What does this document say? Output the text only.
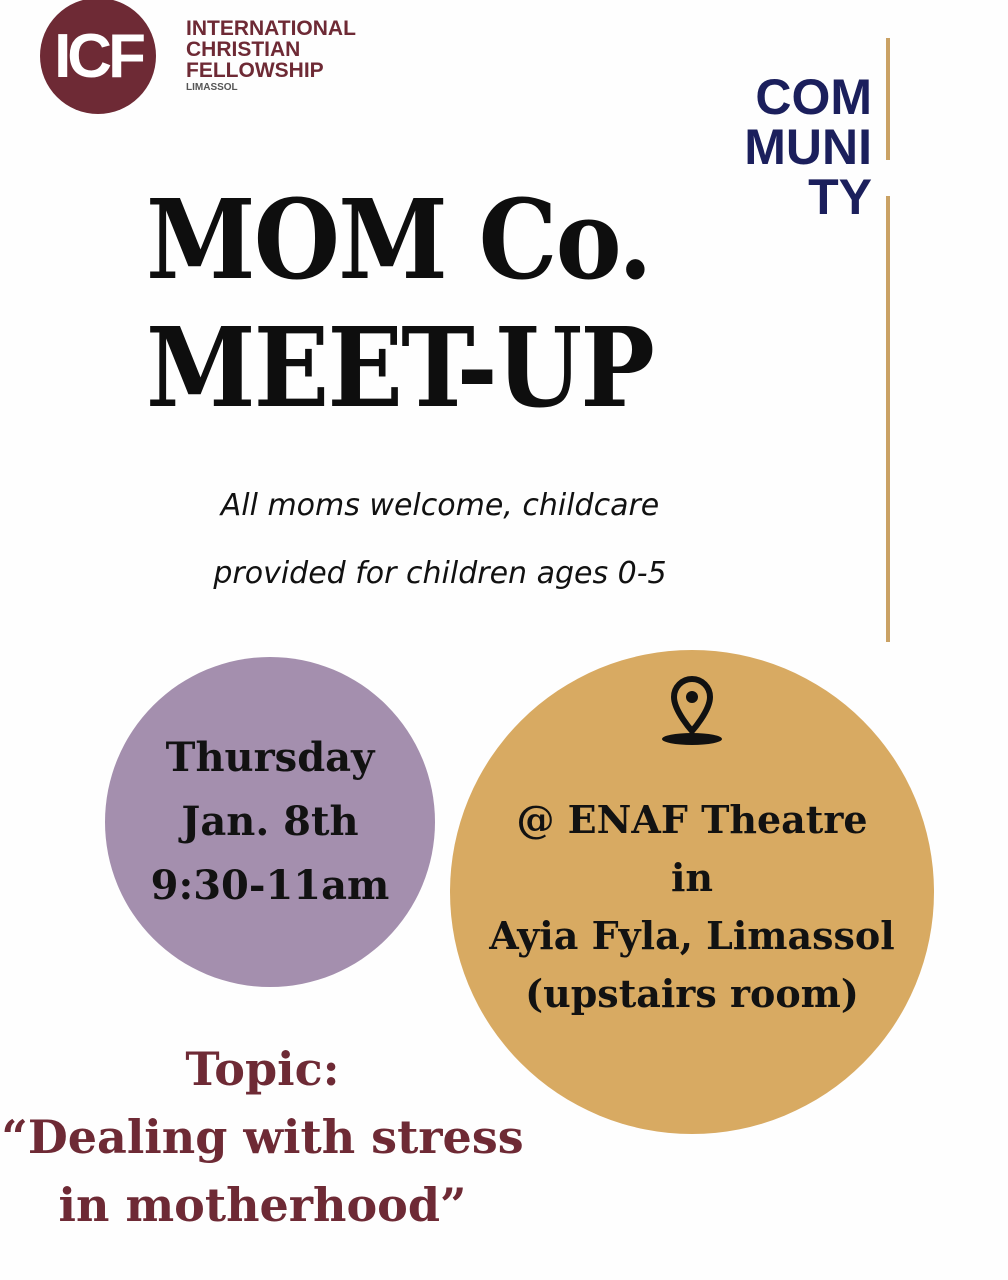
ICF	INTERNATIONAL
CHRISTIAN
FELLOWSHIP
LIMASSOL	COM
MUNI
TY
MOM Co.
MEET-UP
All moms welcome, childcare
provided for children ages 0-5
Thursday
Jan. 8th
9:30-11am
@ ENAF Theatre
in
Ayia Fyla, Limassol
(upstairs room)
Topic:
“Dealing with stress
in motherhood”
